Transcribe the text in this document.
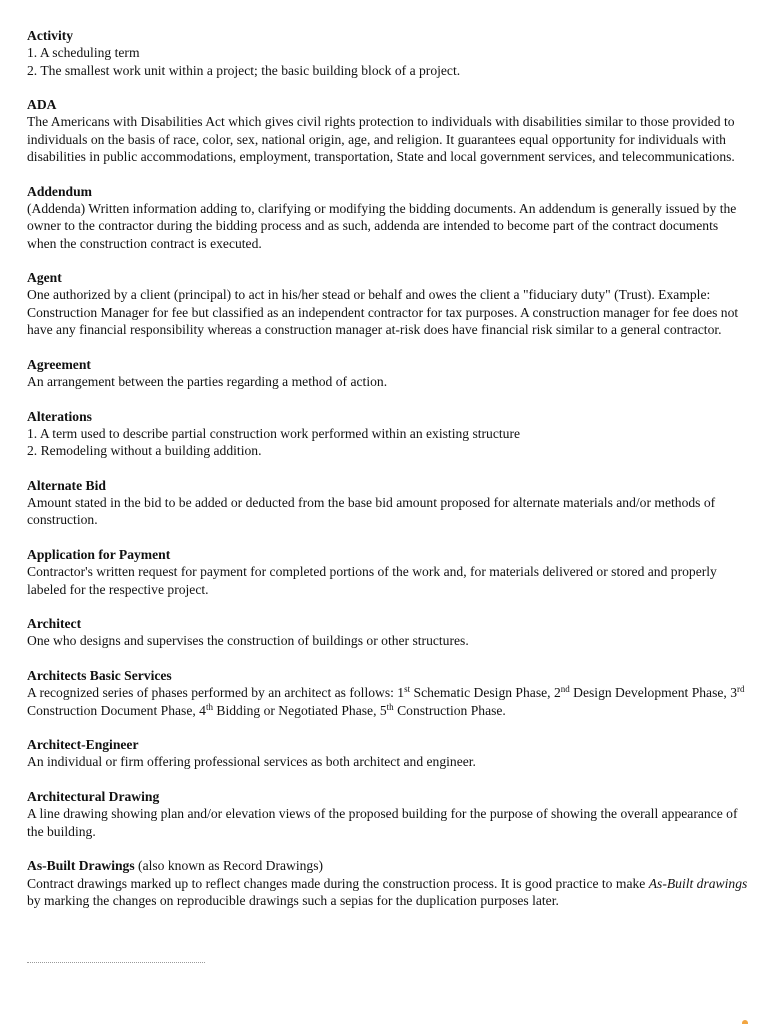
Activity
1. A scheduling term
2. The smallest work unit within a project; the basic building block of a project.
ADA
The Americans with Disabilities Act which gives civil rights protection to individuals with disabilities similar to those provided to individuals on the basis of race, color, sex, national origin, age, and religion. It guarantees equal opportunity for individuals with disabilities in public accommodations, employment, transportation, State and local government services, and telecommunications.
Addendum
(Addenda) Written information adding to, clarifying or modifying the bidding documents. An addendum is generally issued by the owner to the contractor during the bidding process and as such, addenda are intended to become part of the contract documents when the construction contract is executed.
Agent
One authorized by a client (principal) to act in his/her stead or behalf and owes the client a "fiduciary duty" (Trust). Example: Construction Manager for fee but classified as an independent contractor for tax purposes. A construction manager for fee does not have any financial responsibility whereas a construction manager at-risk does have financial risk similar to a general contractor.
Agreement
An arrangement between the parties regarding a method of action.
Alterations
1. A term used to describe partial construction work performed within an existing structure
2. Remodeling without a building addition.
Alternate Bid
Amount stated in the bid to be added or deducted from the base bid amount proposed for alternate materials and/or methods of construction.
Application for Payment
Contractor's written request for payment for completed portions of the work and, for materials delivered or stored and properly labeled for the respective project.
Architect
One who designs and supervises the construction of buildings or other structures.
Architects Basic Services
A recognized series of phases performed by an architect as follows: 1st Schematic Design Phase, 2nd Design Development Phase, 3rd Construction Document Phase, 4th Bidding or Negotiated Phase, 5th Construction Phase.
Architect-Engineer
An individual or firm offering professional services as both architect and engineer.
Architectural Drawing
A line drawing showing plan and/or elevation views of the proposed building for the purpose of showing the overall appearance of the building.
As-Built Drawings (also known as Record Drawings)
Contract drawings marked up to reflect changes made during the construction process. It is good practice to make As-Built drawings by marking the changes on reproducible drawings such a sepias for the duplication purposes later.
